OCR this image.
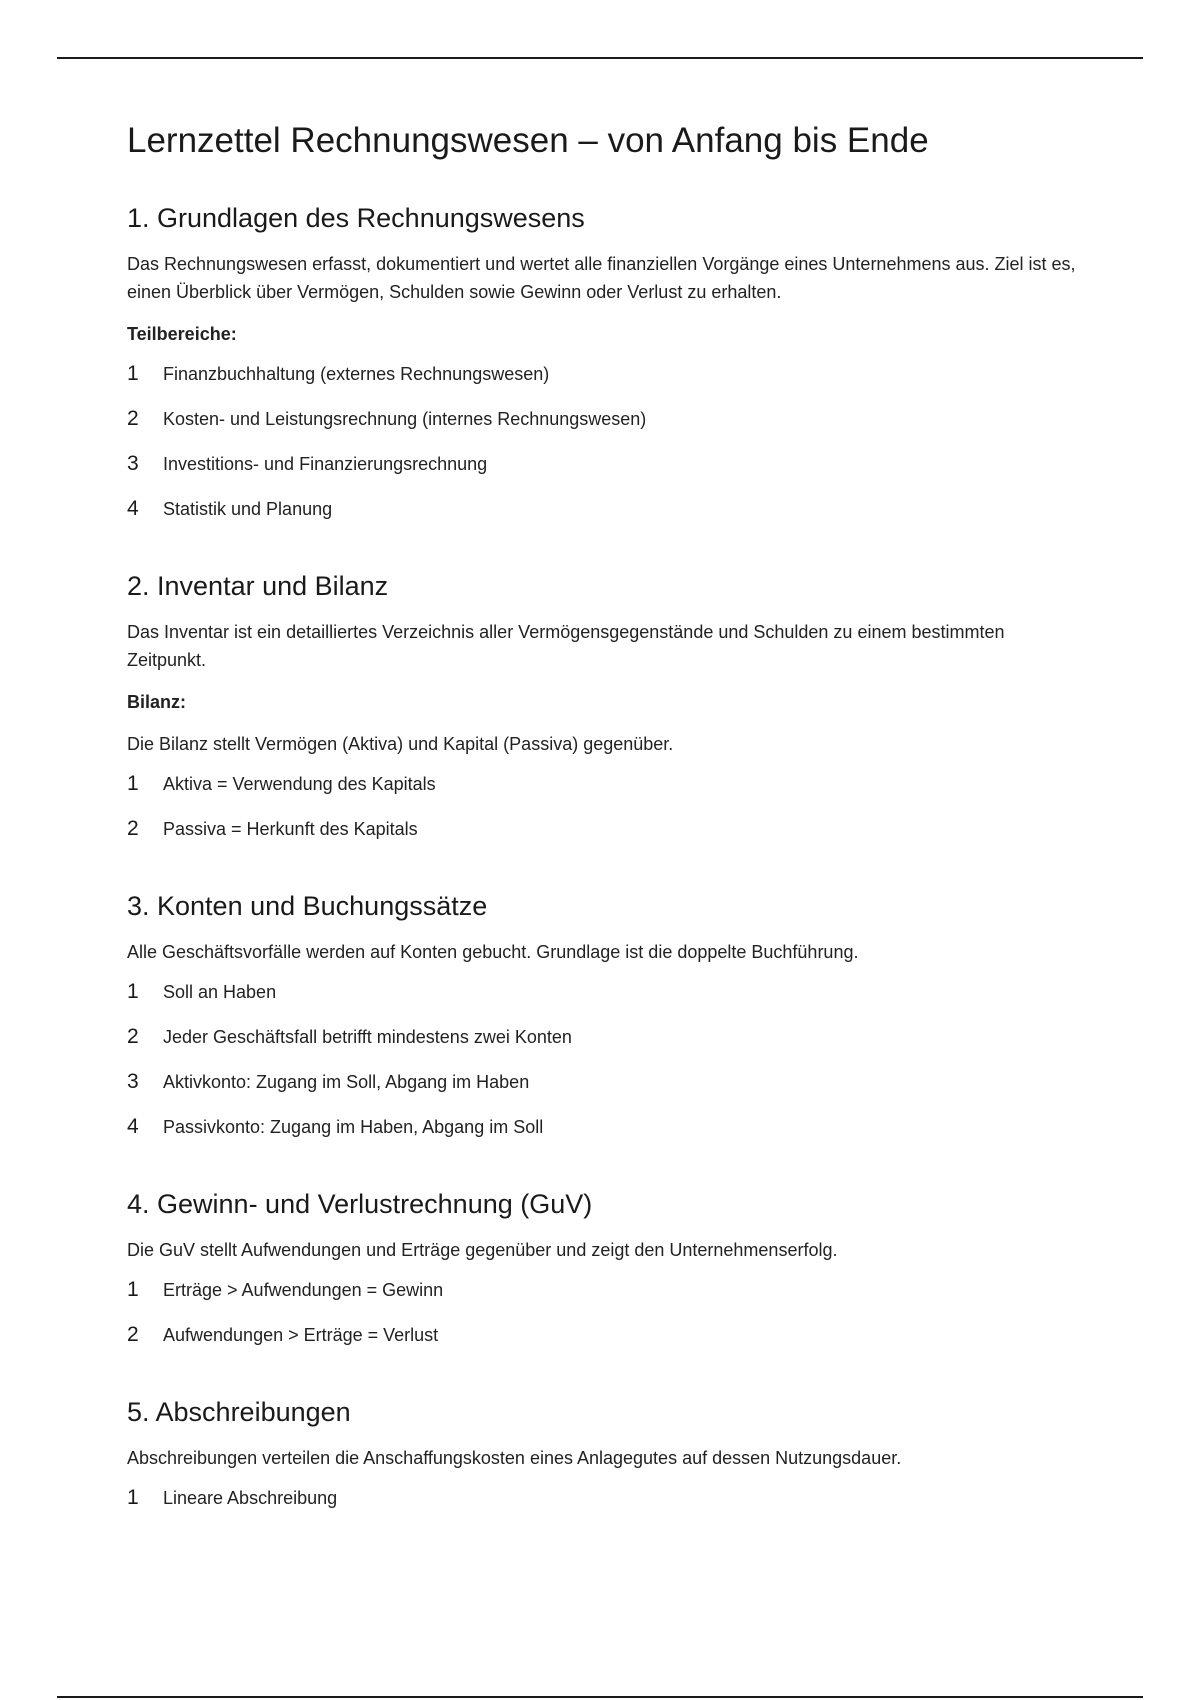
Lernzettel Rechnungswesen – von Anfang bis Ende
1. Grundlagen des Rechnungswesens

Das Rechnungswesen erfasst, dokumentiert und wertet alle finanziellen Vorgänge eines Unternehmens aus. Ziel ist es, einen Überblick über Vermögen, Schulden sowie Gewinn oder Verlust zu erhalten.

Teilbereiche:

1	Finanzbuchhaltung (externes Rechnungswesen)
2	Kosten- und Leistungsrechnung (internes Rechnungswesen)
3	Investitions- und Finanzierungsrechnung
4	Statistik und Planung
2. Inventar und Bilanz

Das Inventar ist ein detailliertes Verzeichnis aller Vermögensgegenstände und Schulden zu einem bestimmten Zeitpunkt.

Bilanz:

Die Bilanz stellt Vermögen (Aktiva) und Kapital (Passiva) gegenüber.

1	Aktiva = Verwendung des Kapitals
2	Passiva = Herkunft des Kapitals
3. Konten und Buchungssätze

Alle Geschäftsvorfälle werden auf Konten gebucht. Grundlage ist die doppelte Buchführung.

1	Soll an Haben
2	Jeder Geschäftsfall betrifft mindestens zwei Konten
3	Aktivkonto: Zugang im Soll, Abgang im Haben
4	Passivkonto: Zugang im Haben, Abgang im Soll
4. Gewinn- und Verlustrechnung (GuV)

Die GuV stellt Aufwendungen und Erträge gegenüber und zeigt den Unternehmenserfolg.

1	Erträge > Aufwendungen = Gewinn
2	Aufwendungen > Erträge = Verlust
5. Abschreibungen

Abschreibungen verteilen die Anschaffungskosten eines Anlagegutes auf dessen Nutzungsdauer.

1	Lineare Abschreibung
